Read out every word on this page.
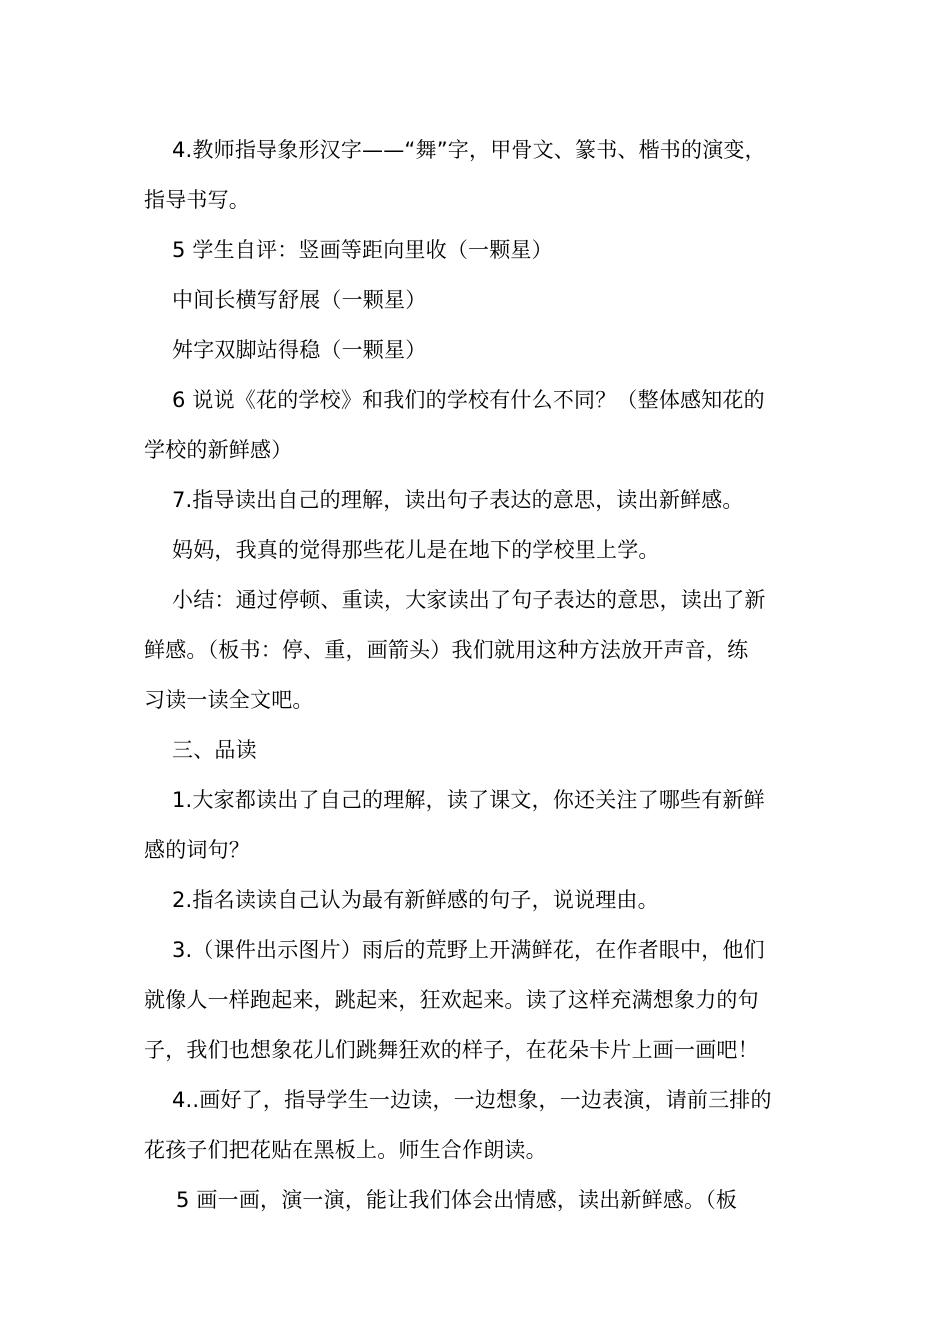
4.教师指导象形汉字——“舞”字，甲骨文、篆书、楷书的演变，
指导书写。
5 学生自评：竖画等距向里收（一颗星）
中间长横写舒展（一颗星）
舛字双脚站得稳（一颗星）
6 说说《花的学校》和我们的学校有什么不同？（整体感知花的
学校的新鲜感）
7.指导读出自己的理解，读出句子表达的意思，读出新鲜感。
妈妈，我真的觉得那些花儿是在地下的学校里上学。
小结：通过停顿、重读，大家读出了句子表达的意思，读出了新
鲜感。（板书：停、重，画箭头）我们就用这种方法放开声音，练
习读一读全文吧。
三、品读
1.大家都读出了自己的理解，读了课文，你还关注了哪些有新鲜
感的词句？
2.指名读读自己认为最有新鲜感的句子，说说理由。
3.（课件出示图片）雨后的荒野上开满鲜花，在作者眼中，他们
就像人一样跑起来，跳起来，狂欢起来。读了这样充满想象力的句
子，我们也想象花儿们跳舞狂欢的样子，在花朵卡片上画一画吧！
4..画好了，指导学生一边读，一边想象，一边表演，请前三排的
花孩子们把花贴在黑板上。师生合作朗读。
5 画一画，演一演，能让我们体会出情感，读出新鲜感。（板
